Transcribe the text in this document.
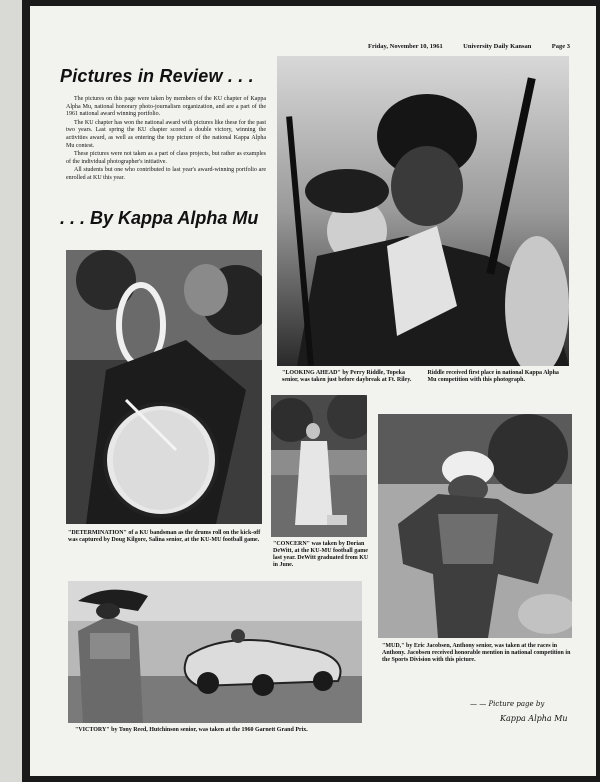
Friday, November 10, 1961	University Daily Kansan	Page 3
Pictures in Review . . .

The pictures on this page were taken by members of the KU chapter of Kappa Alpha Mu, national honorary photo-journalism organization, and are a part of the 1961 national award winning portfolio.

The KU chapter has won the national award with pictures like these for the past two years. Last spring the KU chapter scored a double victory, winning the activities award, as well as entering the top picture of the national Kappa Alpha Mu contest.

These pictures were not taken as a part of class projects, but rather as examples of the individual photographer's initiative.

All students but one who contributed to last year's award-winning portfolio are enrolled at KU this year.

. . . By Kappa Alpha Mu
"LOOKING AHEAD" by Perry Riddle, Topeka senior, was taken just before daybreak at Ft. Riley. Riddle received first place in national Kappa Alpha Mu competition with this photograph.
"DETERMINATION" of a KU bandsman as the drums roll on the kick-off was captured by Doug Kilgore, Salina senior, at the KU-MU football game.
"CONCERN" was taken by Dorian DeWitt, at the KU-MU football game last year. DeWitt graduated from KU in June.
"MUD," by Eric Jacobsen, Anthony senior, was taken at the races in Anthony. Jacobsen received honorable mention in national competition in the Sports Division with this picture.
"VICTORY" by Tony Reed, Hutchinson senior, was taken at the 1960 Garnett Grand Prix.
— — Picture page by
Kappa Alpha Mu
